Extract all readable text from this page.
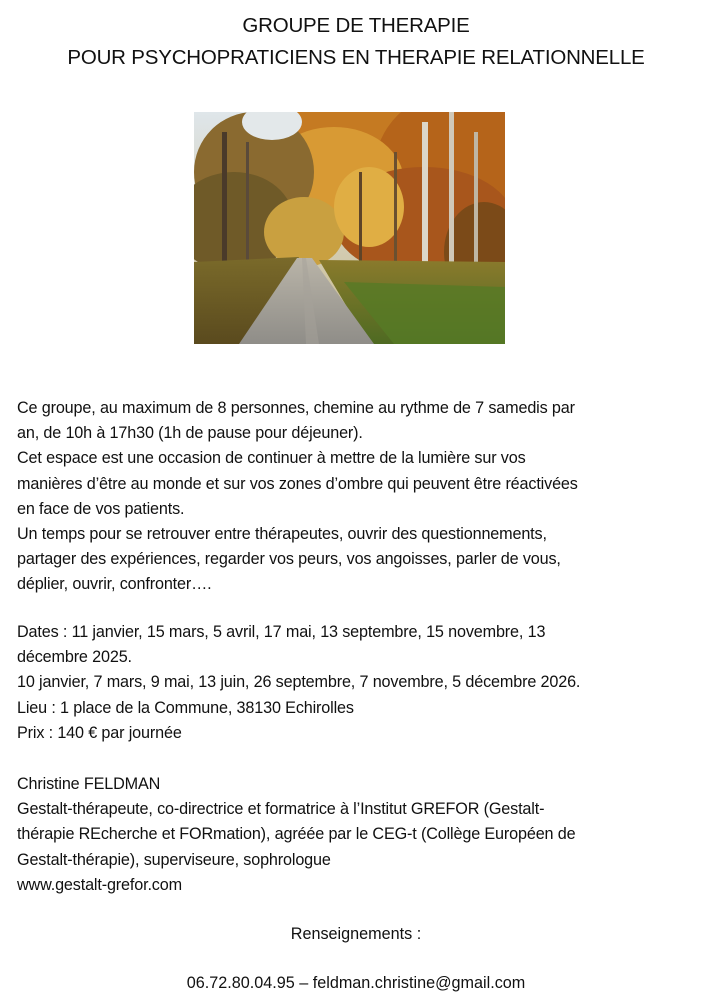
GROUPE DE THERAPIE
POUR PSYCHOPRATICIENS EN THERAPIE RELATIONNELLE
Ce groupe, au maximum de 8 personnes, chemine au rythme de 7 samedis par
an, de 10h à 17h30 (1h de pause pour déjeuner).
Cet espace est une occasion de continuer à mettre de la lumière sur vos
manières d’être au monde et sur vos zones d’ombre qui peuvent être réactivées
en face de vos patients.
Un temps pour se retrouver entre thérapeutes, ouvrir des questionnements,
partager des expériences, regarder vos peurs, vos angoisses, parler de vous,
déplier, ouvrir, confronter….
Dates : 11 janvier, 15 mars, 5 avril, 17 mai, 13 septembre, 15 novembre, 13
décembre 2025.
10 janvier, 7 mars, 9 mai, 13 juin, 26 septembre, 7 novembre, 5 décembre 2026.
Lieu : 1 place de la Commune, 38130 Echirolles
Prix : 140 € par journée
Christine FELDMAN
Gestalt-thérapeute, co-directrice et formatrice à l’Institut GREFOR (Gestalt-
thérapie REcherche et FORmation), agréée par le CEG-t (Collège Européen de
Gestalt-thérapie), superviseure, sophrologue
www.gestalt-grefor.com
Renseignements :
06.72.80.04.95 – feldman.christine@gmail.com
